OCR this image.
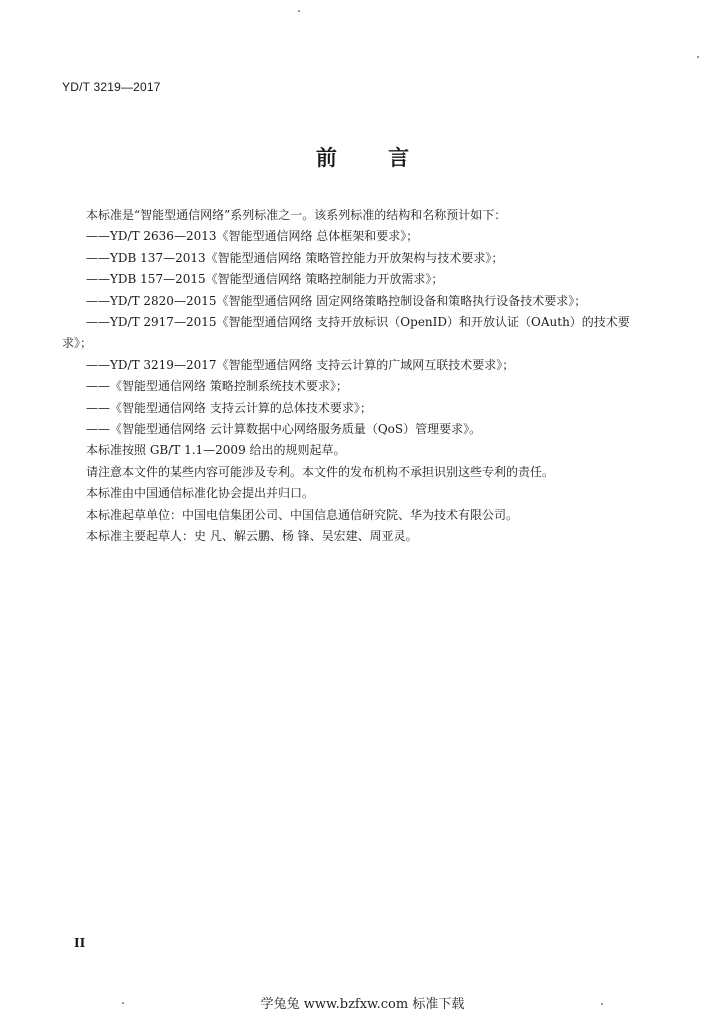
YD/T 3219—2017
前 言
本标准是“智能型通信网络”系列标准之一。该系列标准的结构和名称预计如下：
——YD/T 2636—2013《智能型通信网络 总体框架和要求》；
——YDB 137—2013《智能型通信网络 策略管控能力开放架构与技术要求》；
——YDB 157—2015《智能型通信网络 策略控制能力开放需求》；
——YD/T 2820—2015《智能型通信网络 固定网络策略控制设备和策略执行设备技术要求》；
——YD/T 2917—2015《智能型通信网络 支持开放标识（OpenID）和开放认证（OAuth）的技术要
求》；
——YD/T 3219—2017《智能型通信网络 支持云计算的广域网互联技术要求》；
——《智能型通信网络 策略控制系统技术要求》；
——《智能型通信网络 支持云计算的总体技术要求》；
——《智能型通信网络 云计算数据中心网络服务质量（QoS）管理要求》。
本标准按照 GB/T 1.1—2009 给出的规则起草。
请注意本文件的某些内容可能涉及专利。本文件的发布机构不承担识别这些专利的责任。
本标准由中国通信标准化协会提出并归口。
本标准起草单位：中国电信集团公司、中国信息通信研究院、华为技术有限公司。
本标准主要起草人：史 凡、解云鹏、杨 锋、吴宏建、周亚灵。
II
学兔兔 www.bzfxw.com 标准下载
